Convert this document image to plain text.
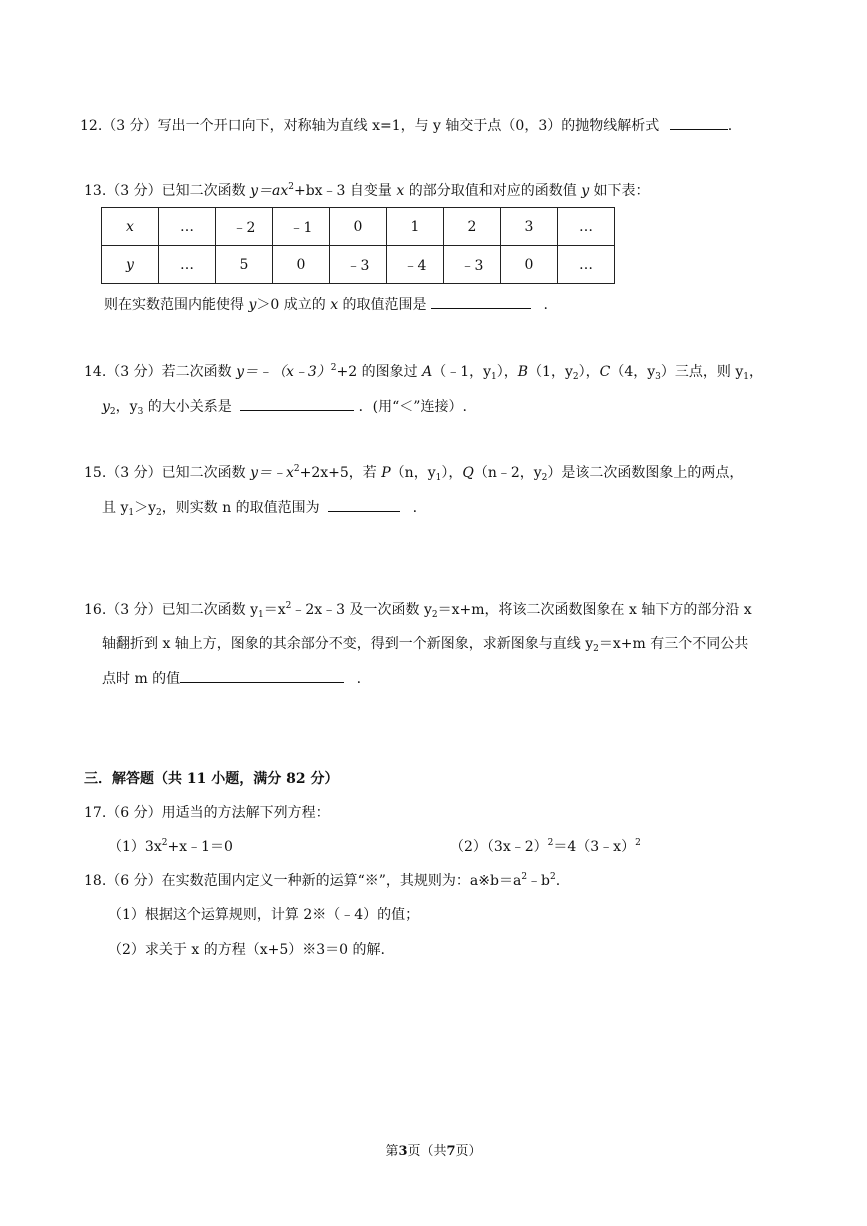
12.（3 分）写出一个开口向下，对称轴为直线 x=1，与 y 轴交于点（0，3）的抛物线解析式	.
13.（3 分）已知二次函数 $y=ax^2+bx﹣3$ 自变量 x 的部分取值和对应的函数值 y 如下表：
x	…	﹣2	﹣1	0	1	2	3	…
y	…	5	0	﹣3	﹣4	﹣3	0	…
则在实数范围内能使得 y＞0 成立的 x 的取值范围是	.
14.（3 分）若二次函数 y＝﹣（x﹣3）$^2$+2 的图象过 A（﹣1，$y_1$），B（1，$y_2$），C（4，$y_3$）三点，则 $y_1$，
$y_2$，$y_3$ 的大小关系是	．(用“＜”连接）.
15.（3 分）已知二次函数 $y=﹣x^2+2x+5$，若 P（n，$y_1$），Q（n﹣2，$y_2$）是该二次函数图象上的两点，
且 $y_1>y_2$，则实数 n 的取值范围为	.
16.（3 分）已知二次函数 $y_1=x^2﹣2x﹣3$ 及一次函数 $y_2=x+m$，将该二次函数图象在 x 轴下方的部分沿 x
轴翻折到 x 轴上方，图象的其余部分不变，得到一个新图象，求新图象与直线 $y_2=x+m$ 有三个不同公共
点时 m 的值	.
三．解答题（共 11 小题，满分 82 分）
17.（6 分）用适当的方法解下列方程：
$(1)3x^2+x﹣1=0$	（2）（3x﹣2）$^2$＝4（3﹣x）$^2$
18.（6 分）在实数范围内定义一种新的运算“※”，其规则为：$a※b=a^2﹣b^2$.
（1）根据这个运算规则，计算 2※（﹣4）的值；
（2）求关于 x 的方程（x+5）※3＝0 的解.
第3页（共7页）
